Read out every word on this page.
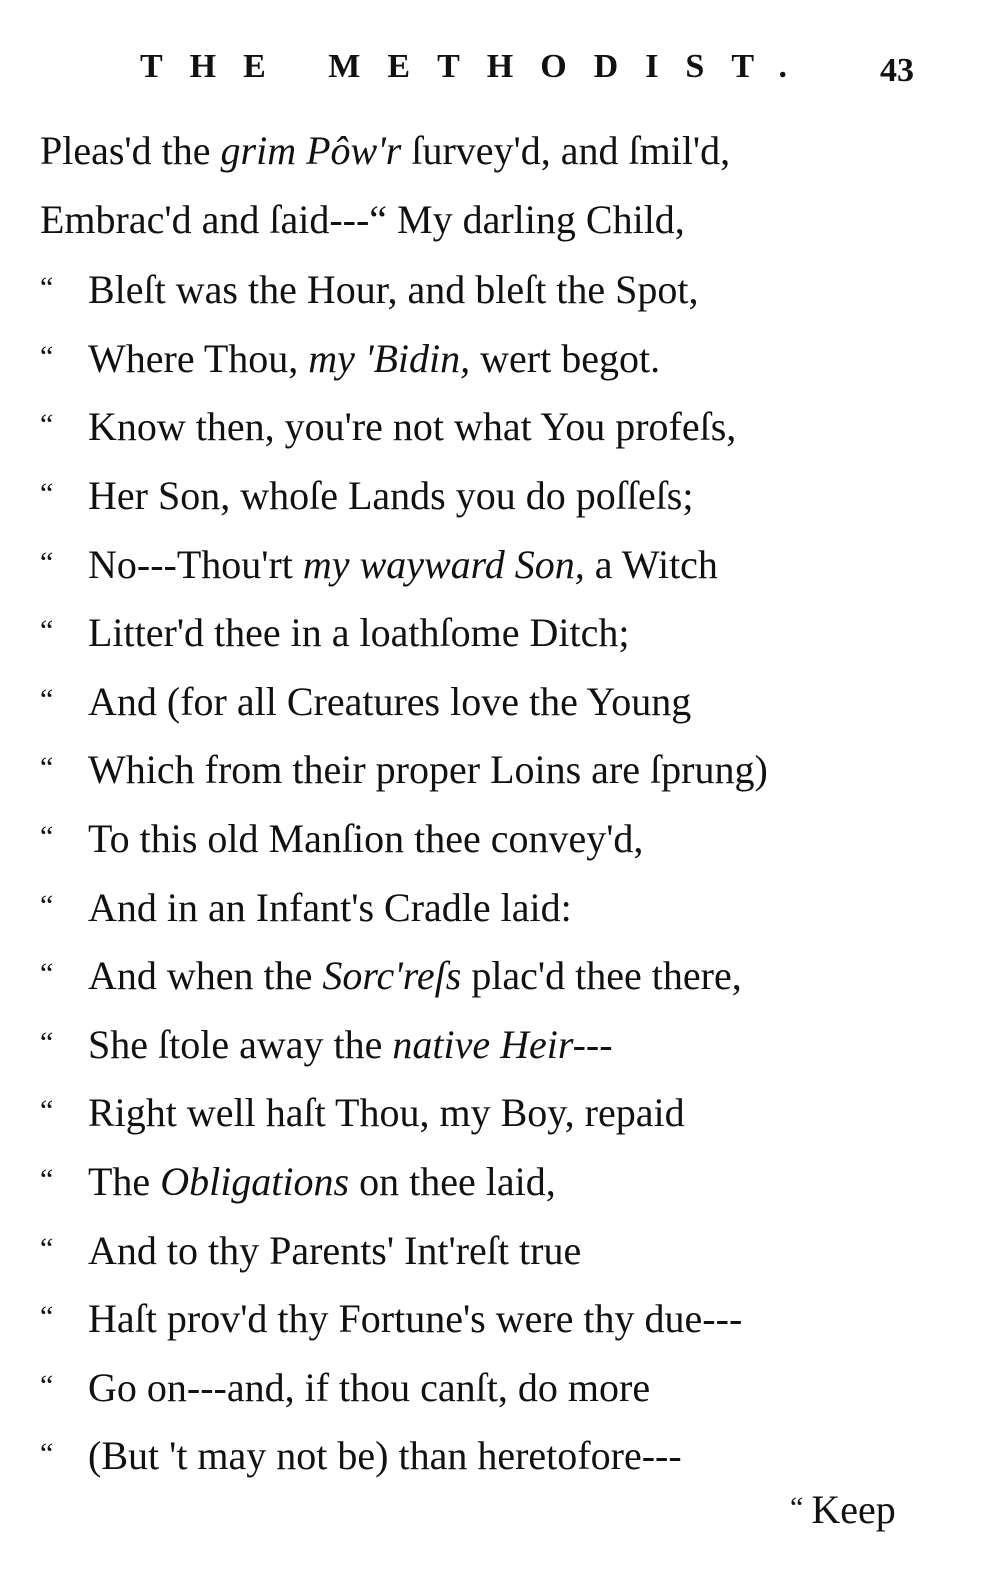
THE METHODIST. 43
Pleas'd the grim Pôw'r ſurvey'd, and ſmil'd,
Embrac'd and ſaid---“ My darling Child,
“ Bleſt was the Hour, and bleſt the Spot,
“ Where Thou, my 'Bidin, wert begot.
“ Know then, you're not what You profeſs,
“ Her Son, whoſe Lands you do poſſeſs;
“ No---Thou'rt my wayward Son, a Witch
“ Litter'd thee in a loathſome Ditch;
“ And (for all Creatures love the Young
“ Which from their proper Loins are ſprung)
“ To this old Manſion thee convey'd,
“ And in an Infant's Cradle laid:
“ And when the Sorc'reſs plac'd thee there,
“ She ſtole away the native Heir---
“ Right well haſt Thou, my Boy, repaid
“ The Obligations on thee laid,
“ And to thy Parents' Int'reſt true
“ Haſt prov'd thy Fortune's were thy due---
“ Go on---and, if thou canſt, do more
“ (But 't may not be) than heretofore---
“ Keep
